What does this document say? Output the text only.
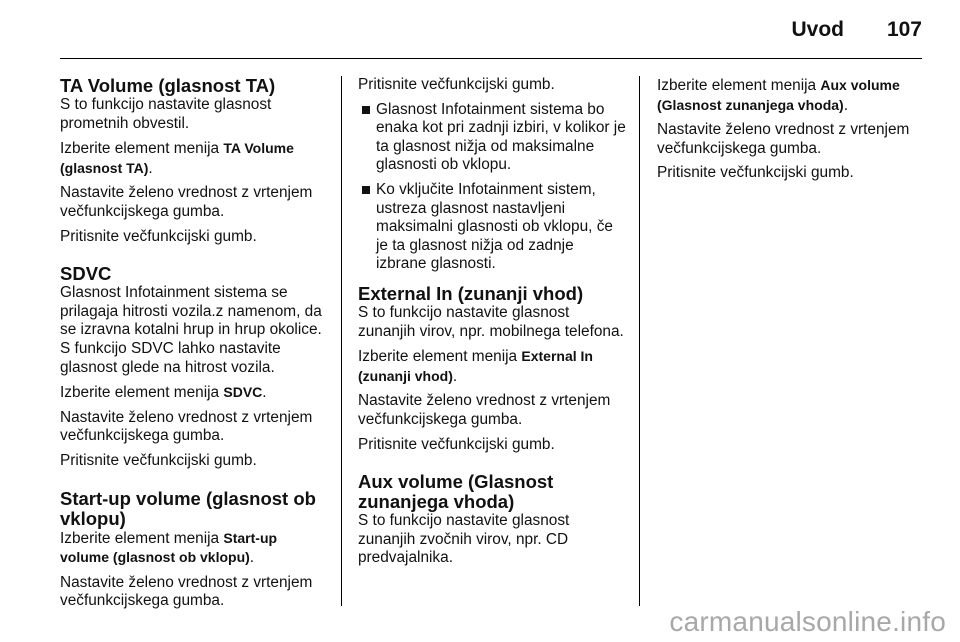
Uvod 107
TA Volume (glasnost TA)

S to funkcijo nastavite glasnost prometnih obvestil.

Izberite element menija TA Volume (glasnost TA).

Nastavite želeno vrednost z vrtenjem večfunkcijskega gumba.

Pritisnite večfunkcijski gumb.

SDVC

Glasnost Infotainment sistema se prilagaja hitrosti vozila.z namenom, da se izravna kotalni hrup in hrup okolice. S funkcijo SDVC lahko nastavite glasnost glede na hitrost vozila.

Izberite element menija SDVC.

Nastavite želeno vrednost z vrtenjem večfunkcijskega gumba.

Pritisnite večfunkcijski gumb.

Start-up volume (glasnost ob vklopu)

Izberite element menija Start-up volume (glasnost ob vklopu).

Nastavite želeno vrednost z vrtenjem večfunkcijskega gumba.

Pritisnite večfunkcijski gumb.

Glasnost Infotainment sistema bo enaka kot pri zadnji izbiri, v kolikor je ta glasnost nižja od maksimalne glasnosti ob vklopu.
Ko vključite Infotainment sistem, ustreza glasnost nastavljeni maksimalni glasnosti ob vklopu, če je ta glasnost nižja od zadnje izbrane glasnosti.
External In (zunanji vhod)

S to funkcijo nastavite glasnost zunanjih virov, npr. mobilnega telefona.

Izberite element menija External In (zunanji vhod).

Nastavite želeno vrednost z vrtenjem večfunkcijskega gumba.

Pritisnite večfunkcijski gumb.

Aux volume (Glasnost zunanjega vhoda)

S to funkcijo nastavite glasnost zunanjih zvočnih virov, npr. CD predvajalnika.

Izberite element menija Aux volume (Glasnost zunanjega vhoda).

Nastavite želeno vrednost z vrtenjem večfunkcijskega gumba.

Pritisnite večfunkcijski gumb.

carmanualsonline.info
